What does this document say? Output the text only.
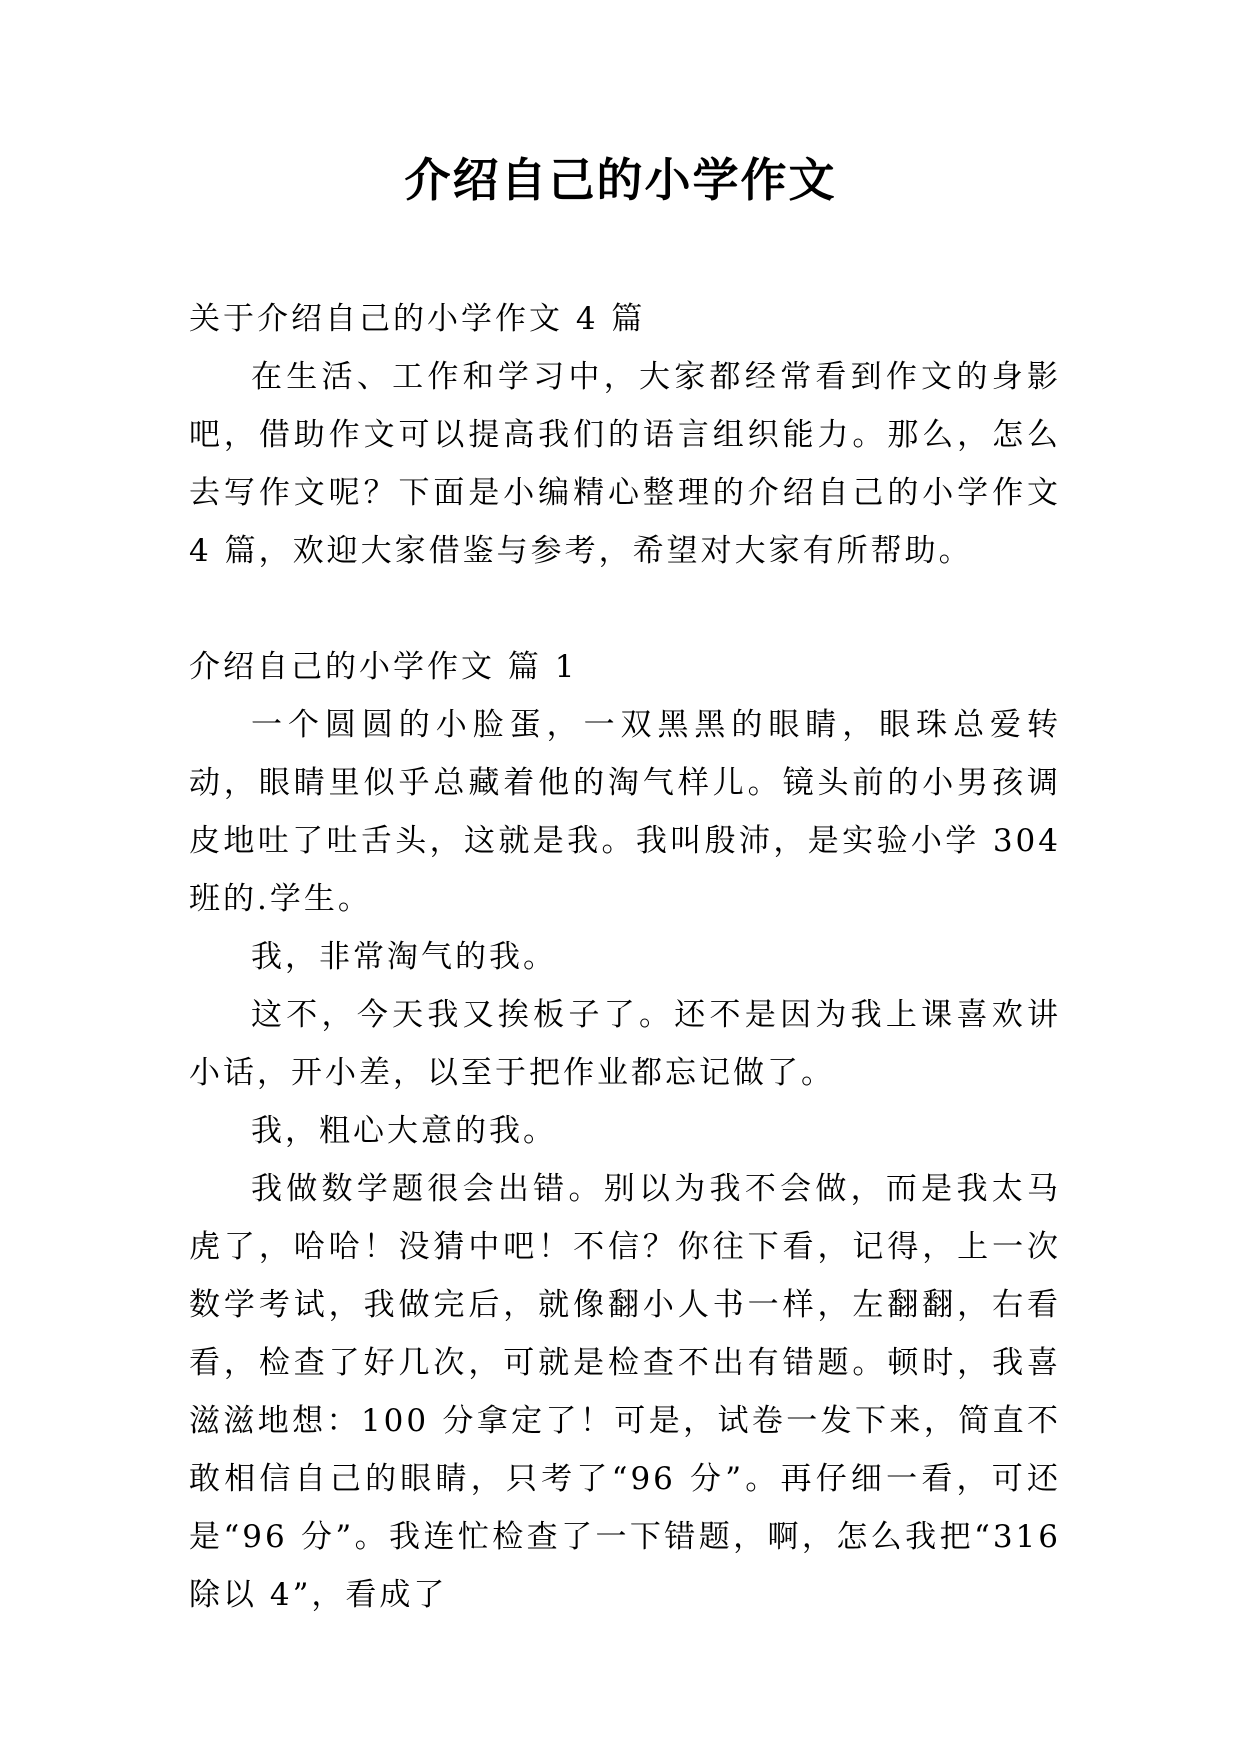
介绍自己的小学作文

关于介绍自己的小学作文 4 篇

在生活、工作和学习中，大家都经常看到作文的身影吧，借助作文可以提高我们的语言组织能力。那么，怎么去写作文呢？下面是小编精心整理的介绍自己的小学作文 4 篇，欢迎大家借鉴与参考，希望对大家有所帮助。

介绍自己的小学作文 篇 1

一个圆圆的小脸蛋，一双黑黑的眼睛，眼珠总爱转动，眼睛里似乎总藏着他的淘气样儿。镜头前的小男孩调皮地吐了吐舌头，这就是我。我叫殷沛，是实验小学 304 班的.学生。

我，非常淘气的我。

这不，今天我又挨板子了。还不是因为我上课喜欢讲小话，开小差，以至于把作业都忘记做了。

我，粗心大意的我。

我做数学题很会出错。别以为我不会做，而是我太马虎了，哈哈！没猜中吧！不信？你往下看，记得，上一次数学考试，我做完后，就像翻小人书一样，左翻翻，右看看，检查了好几次，可就是检查不出有错题。顿时，我喜滋滋地想：100 分拿定了！可是，试卷一发下来，简直不敢相信自己的眼睛，只考了“96 分”。再仔细一看，可还是“96 分”。我连忙检查了一下错题，啊，怎么我把“316 除以 4”，看成了
